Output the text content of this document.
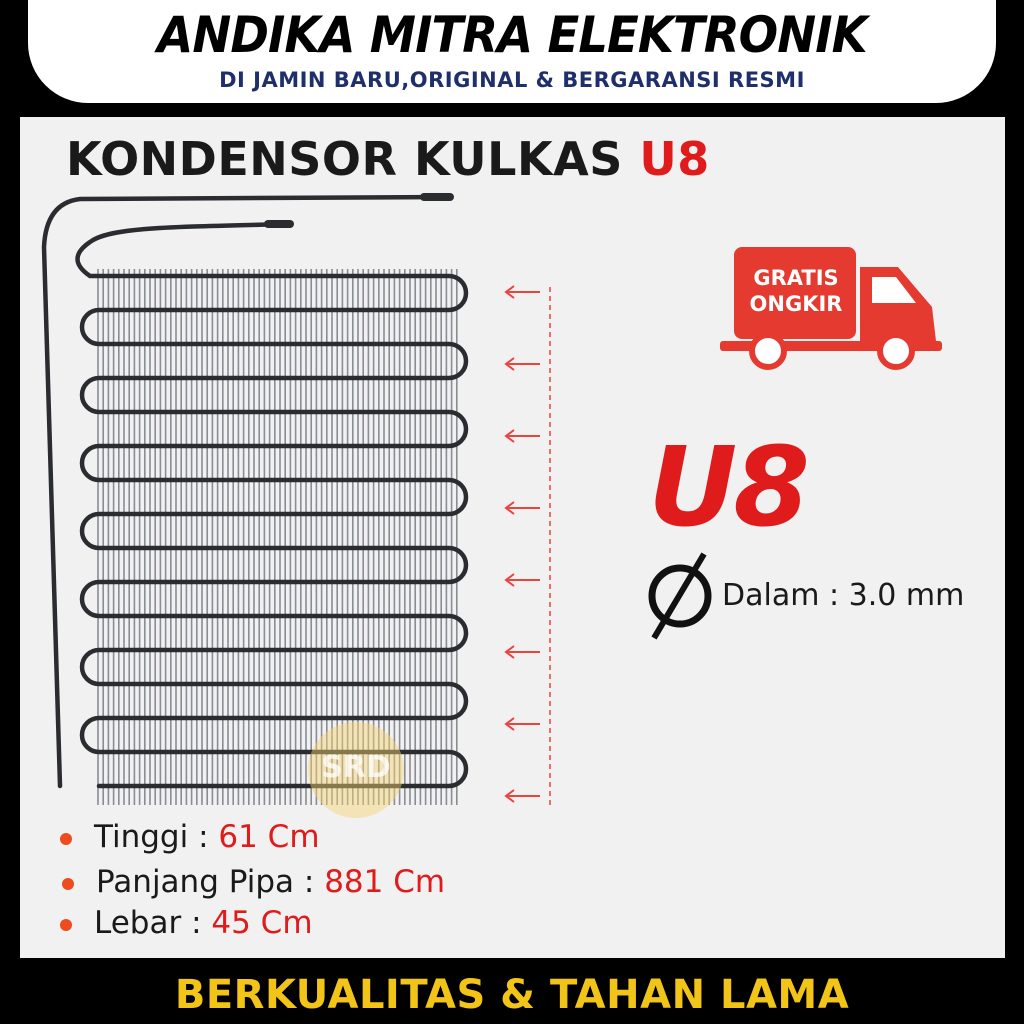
ANDIKA MITRA ELEKTRONIK
DI JAMIN BARU,ORIGINAL & BERGARANSI RESMI
KONDENSOR KULKAS U8
SRD
GRATIS
ONGKIR
U8
Dalam : 3.0 mm
Tinggi : 61 Cm
Panjang Pipa : 881 Cm
Lebar : 45 Cm
BERKUALITAS & TAHAN LAMA
